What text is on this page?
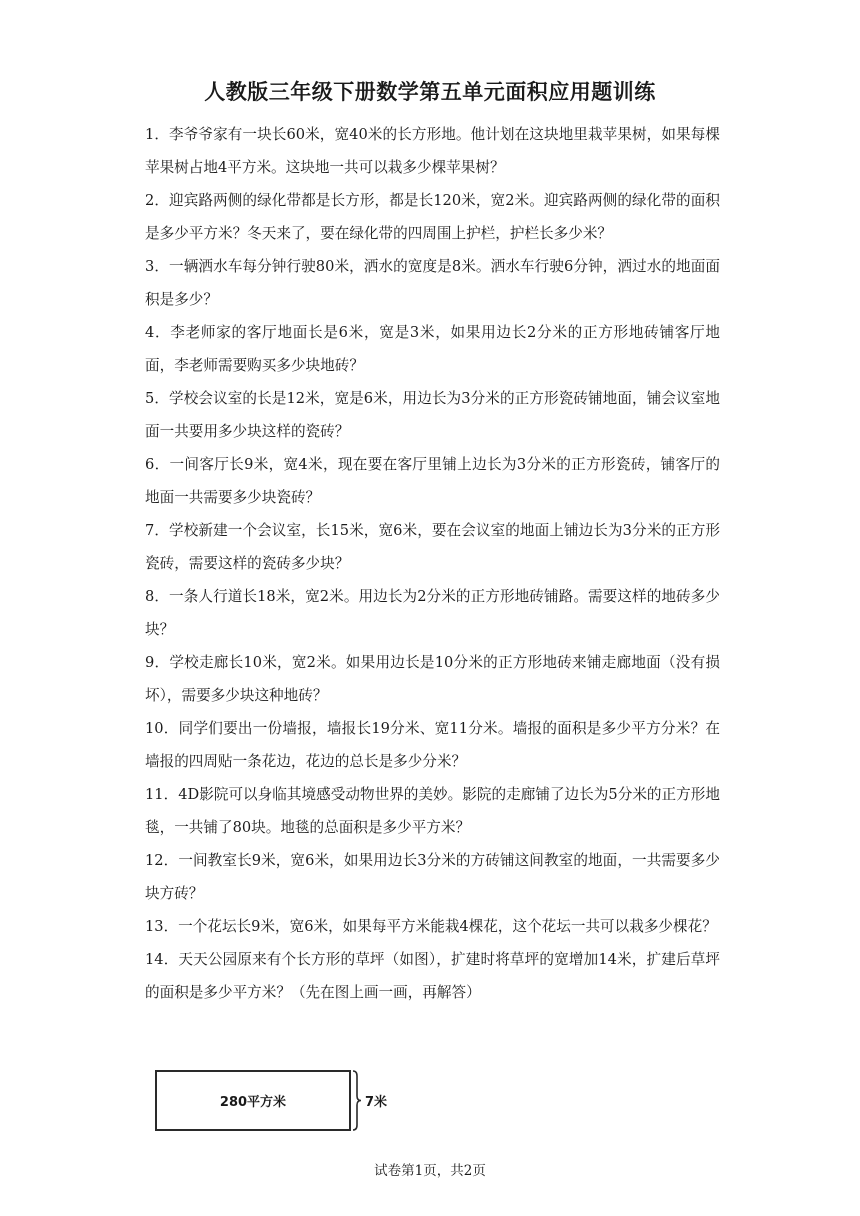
人教版三年级下册数学第五单元面积应用题训练

1．李爷爷家有一块长60米，宽40米的长方形地。他计划在这块地里栽苹果树，如果每棵苹果树占地4平方米。这块地一共可以栽多少棵苹果树？

2．迎宾路两侧的绿化带都是长方形，都是长120米，宽2米。迎宾路两侧的绿化带的面积是多少平方米？冬天来了，要在绿化带的四周围上护栏，护栏长多少米？

3．一辆洒水车每分钟行驶80米，洒水的宽度是8米。洒水车行驶6分钟，洒过水的地面面积是多少？

4．李老师家的客厅地面长是6米，宽是3米，如果用边长2分米的正方形地砖铺客厅地面，李老师需要购买多少块地砖？

5．学校会议室的长是12米，宽是6米，用边长为3分米的正方形瓷砖铺地面，铺会议室地面一共要用多少块这样的瓷砖？

6．一间客厅长9米，宽4米，现在要在客厅里铺上边长为3分米的正方形瓷砖，铺客厅的地面一共需要多少块瓷砖？

7．学校新建一个会议室，长15米，宽6米，要在会议室的地面上铺边长为3分米的正方形瓷砖，需要这样的瓷砖多少块？

8．一条人行道长18米，宽2米。用边长为2分米的正方形地砖铺路。需要这样的地砖多少块？

9．学校走廊长10米，宽2米。如果用边长是10分米的正方形地砖来铺走廊地面（没有损坏），需要多少块这种地砖？

10．同学们要出一份墙报，墙报长19分米、宽11分米。墙报的面积是多少平方分米？在墙报的四周贴一条花边，花边的总长是多少分米？

11．4D影院可以身临其境感受动物世界的美妙。影院的走廊铺了边长为5分米的正方形地毯，一共铺了80块。地毯的总面积是多少平方米？

12．一间教室长9米，宽6米，如果用边长3分米的方砖铺这间教室的地面，一共需要多少块方砖？

13．一个花坛长9米，宽6米，如果每平方米能栽4棵花，这个花坛一共可以栽多少棵花？

14．天天公园原来有个长方形的草坪（如图），扩建时将草坪的宽增加14米，扩建后草坪的面积是多少平方米？（先在图上画一画，再解答）

280平方米	7米
试卷第1页，共2页
